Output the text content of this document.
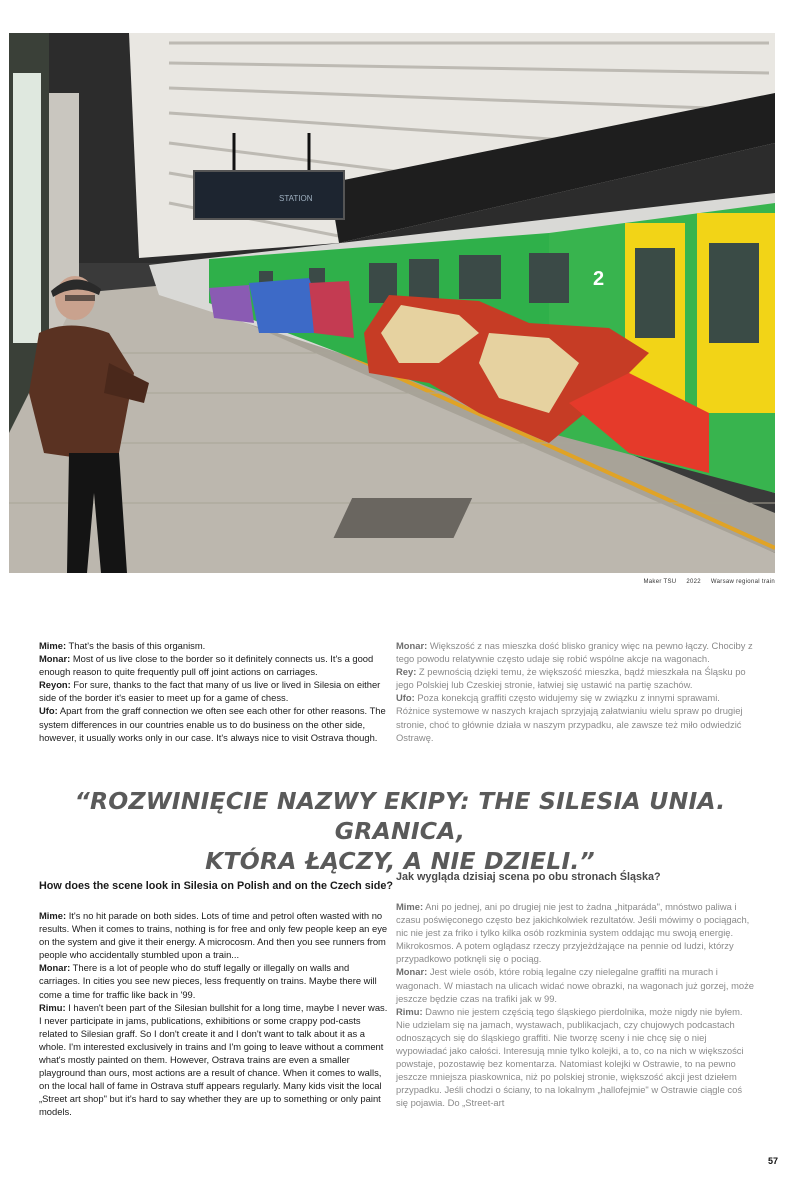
2
STATION
Maker TSU 2022 Warsaw regional train

Mime: That's the basis of this organism.

Monar: Most of us live close to the border so it definitely connects us. It's a good enough reason to quite frequently pull off joint actions on carriages.

Reyon: For sure, thanks to the fact that many of us live or lived in Silesia on either side of the border it's easier to meet up for a game of chess.

Ufo: Apart from the graff connection we often see each other for other reasons. The system differences in our countries enable us to do business on the other side, however, it usually works only in our case. It's always nice to visit Ostrava though.

Monar: Większość z nas mieszka dość blisko granicy więc na pewno łączy. Chociby z tego powodu relatywnie często udaje się robić wspólne akcje na wagonach.

Rey: Z pewnością dzięki temu, że większość mieszka, bądź mieszkała na Śląsku po jego Polskiej lub Czeskiej stronie, łatwiej się ustawić na partię szachów.

Ufo: Poza konekcją graffiti często widujemy się w związku z innymi sprawami. Różnice systemowe w naszych krajach sprzyjają załatwianiu wielu spraw po drugiej stronie, choć to głównie działa w naszym przypadku, ale zawsze też miło odwiedzić Ostrawę.

“ROZWINIĘCIE NAZWY EKIPY: THE SILESIA UNIA. GRANICA,
KTÓRA ŁĄCZY, A NIE DZIELI.”
How does the scene look in Silesia on Polish and on the Czech side?
Jak wygląda dzisiaj scena po obu stronach Śląska?

Mime: It's no hit parade on both sides. Lots of time and petrol often wasted with no results. When it comes to trains, nothing is for free and only few people keep an eye on the system and give it their energy. A microcosm. And then you see runners from people who accidentally stumbled upon a train...

Monar: There is a lot of people who do stuff legally or illegally on walls and carriages. In cities you see new pieces, less frequently on trains. Maybe there will come a time for traffic like back in '99.

Rimu: I haven't been part of the Silesian bullshit for a long time, maybe I never was. I never participate in jams, publications, exhibitions or some crappy pod-casts related to Silesian graff. So I don't create it and I don't want to talk about it as a whole. I'm interested exclusively in trains and I'm going to leave without a comment what's mostly painted on them. However, Ostrava trains are even a smaller playground than ours, most actions are a result of chance. When it comes to walls, on the local hall of fame in Ostrava stuff appears regularly. Many kids visit the local „Street art shop" but it's hard to say whether they are up to something or only paint models.

Mime: Ani po jednej, ani po drugiej nie jest to żadna „hitparáda", mnóstwo paliwa i czasu poświęconego często bez jakichkolwiek rezultatów. Jeśli mówimy o pociągach, nic nie jest za friko i tylko kilka osób rozkminia system oddając mu swoją energię. Mikrokosmos. A potem oglądasz rzeczy przyjeżdżające na pennie od ludzi, którzy przypadkowo potknęli się o pociąg.

Monar: Jest wiele osób, które robią legalne czy nielegalne graffiti na murach i wagonach. W miastach na ulicach widać nowe obrazki, na wagonach już gorzej, może jeszcze będzie czas na trafiki jak w 99.

Rimu: Dawno nie jestem częścią tego śląskiego pierdolnika, może nigdy nie byłem. Nie udzielam się na jamach, wystawach, publikacjach, czy chujowych podcastach odnoszących się do śląskiego graffiti. Nie tworzę sceny i nie chcę się o niej wypowiadać jako całości. Interesują mnie tylko kolejki, a to, co na nich w większości powstaje, pozostawię bez komentarza. Natomiast kolejki w Ostrawie, to na pewno jeszcze mniejsza piaskownica, niż po polskiej stronie, większość akcji jest dziełem przypadku. Jeśli chodzi o ściany, to na lokalnym „hallofejmie" w Ostrawie ciągle coś się pojawia. Do „Street-art

57
